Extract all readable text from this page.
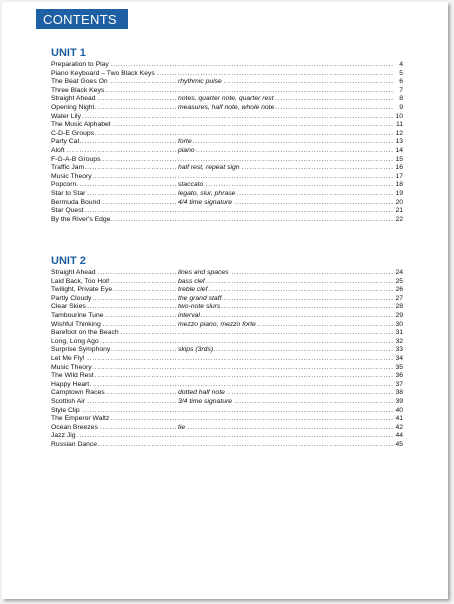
CONTENTS
UNIT 1
. . .
Preparation to Play	4
. . .
Piano Keyboard – Two Black Keys	5
. . .
The Beat Goes On	rhythmic pulse	6
. . .
Three Black Keys	7
. . .
Straight Ahead	notes, quarter note, quarter rest	8
. . .
Opening Night	measures, half note, whole note	9
. . .
Water Lily	10
. . .
The Music Alphabet	11
. . .
C-D-E Groups	12
. . .
Party Cat	forte	13
. . .
Aloft	piano	14
. . .
F-G-A-B Groups	15
. . .
Traffic Jam	half rest, repeat sign	16
. . .
Music Theory	17
. . .
Popcorn	staccato	18
. . .
Star to Star	legato, slur, phrase	19
. . .
Bermuda Bound	4/4 time signature	20
. . .
Star Quest	21
. . .
By the River's Edge	22
UNIT 2
. . .
Straight Ahead	lines and spaces	24
. . .
Laid Back, Too Hot!	bass clef	25
. . .
Twilight, Private Eye	treble clef	26
. . .
Partly Cloudy	the grand staff	27
. . .
Clear Skies	two-note slurs	28
. . .
Tambourine Tune	interval	29
. . .
Wishful Thinking	mezzo piano, mezzo forte	30
. . .
Barefoot on the Beach	31
. . .
Long, Long Ago	32
. . .
Surprise Symphony	skips (3rds)	33
. . .
Let Me Fly!	34
. . .
Music Theory	35
. . .
The Wild Rest	36
. . .
Happy Heart	37
. . .
Camptown Races	dotted half note	38
. . .
Scottish Air	3/4 time signature	39
. . .
Style Clip	40
. . .
The Emperor Waltz	41
. . .
Ocean Breezes	tie	42
. . .
Jazz Jig	44
. . .
Russian Dance	45
